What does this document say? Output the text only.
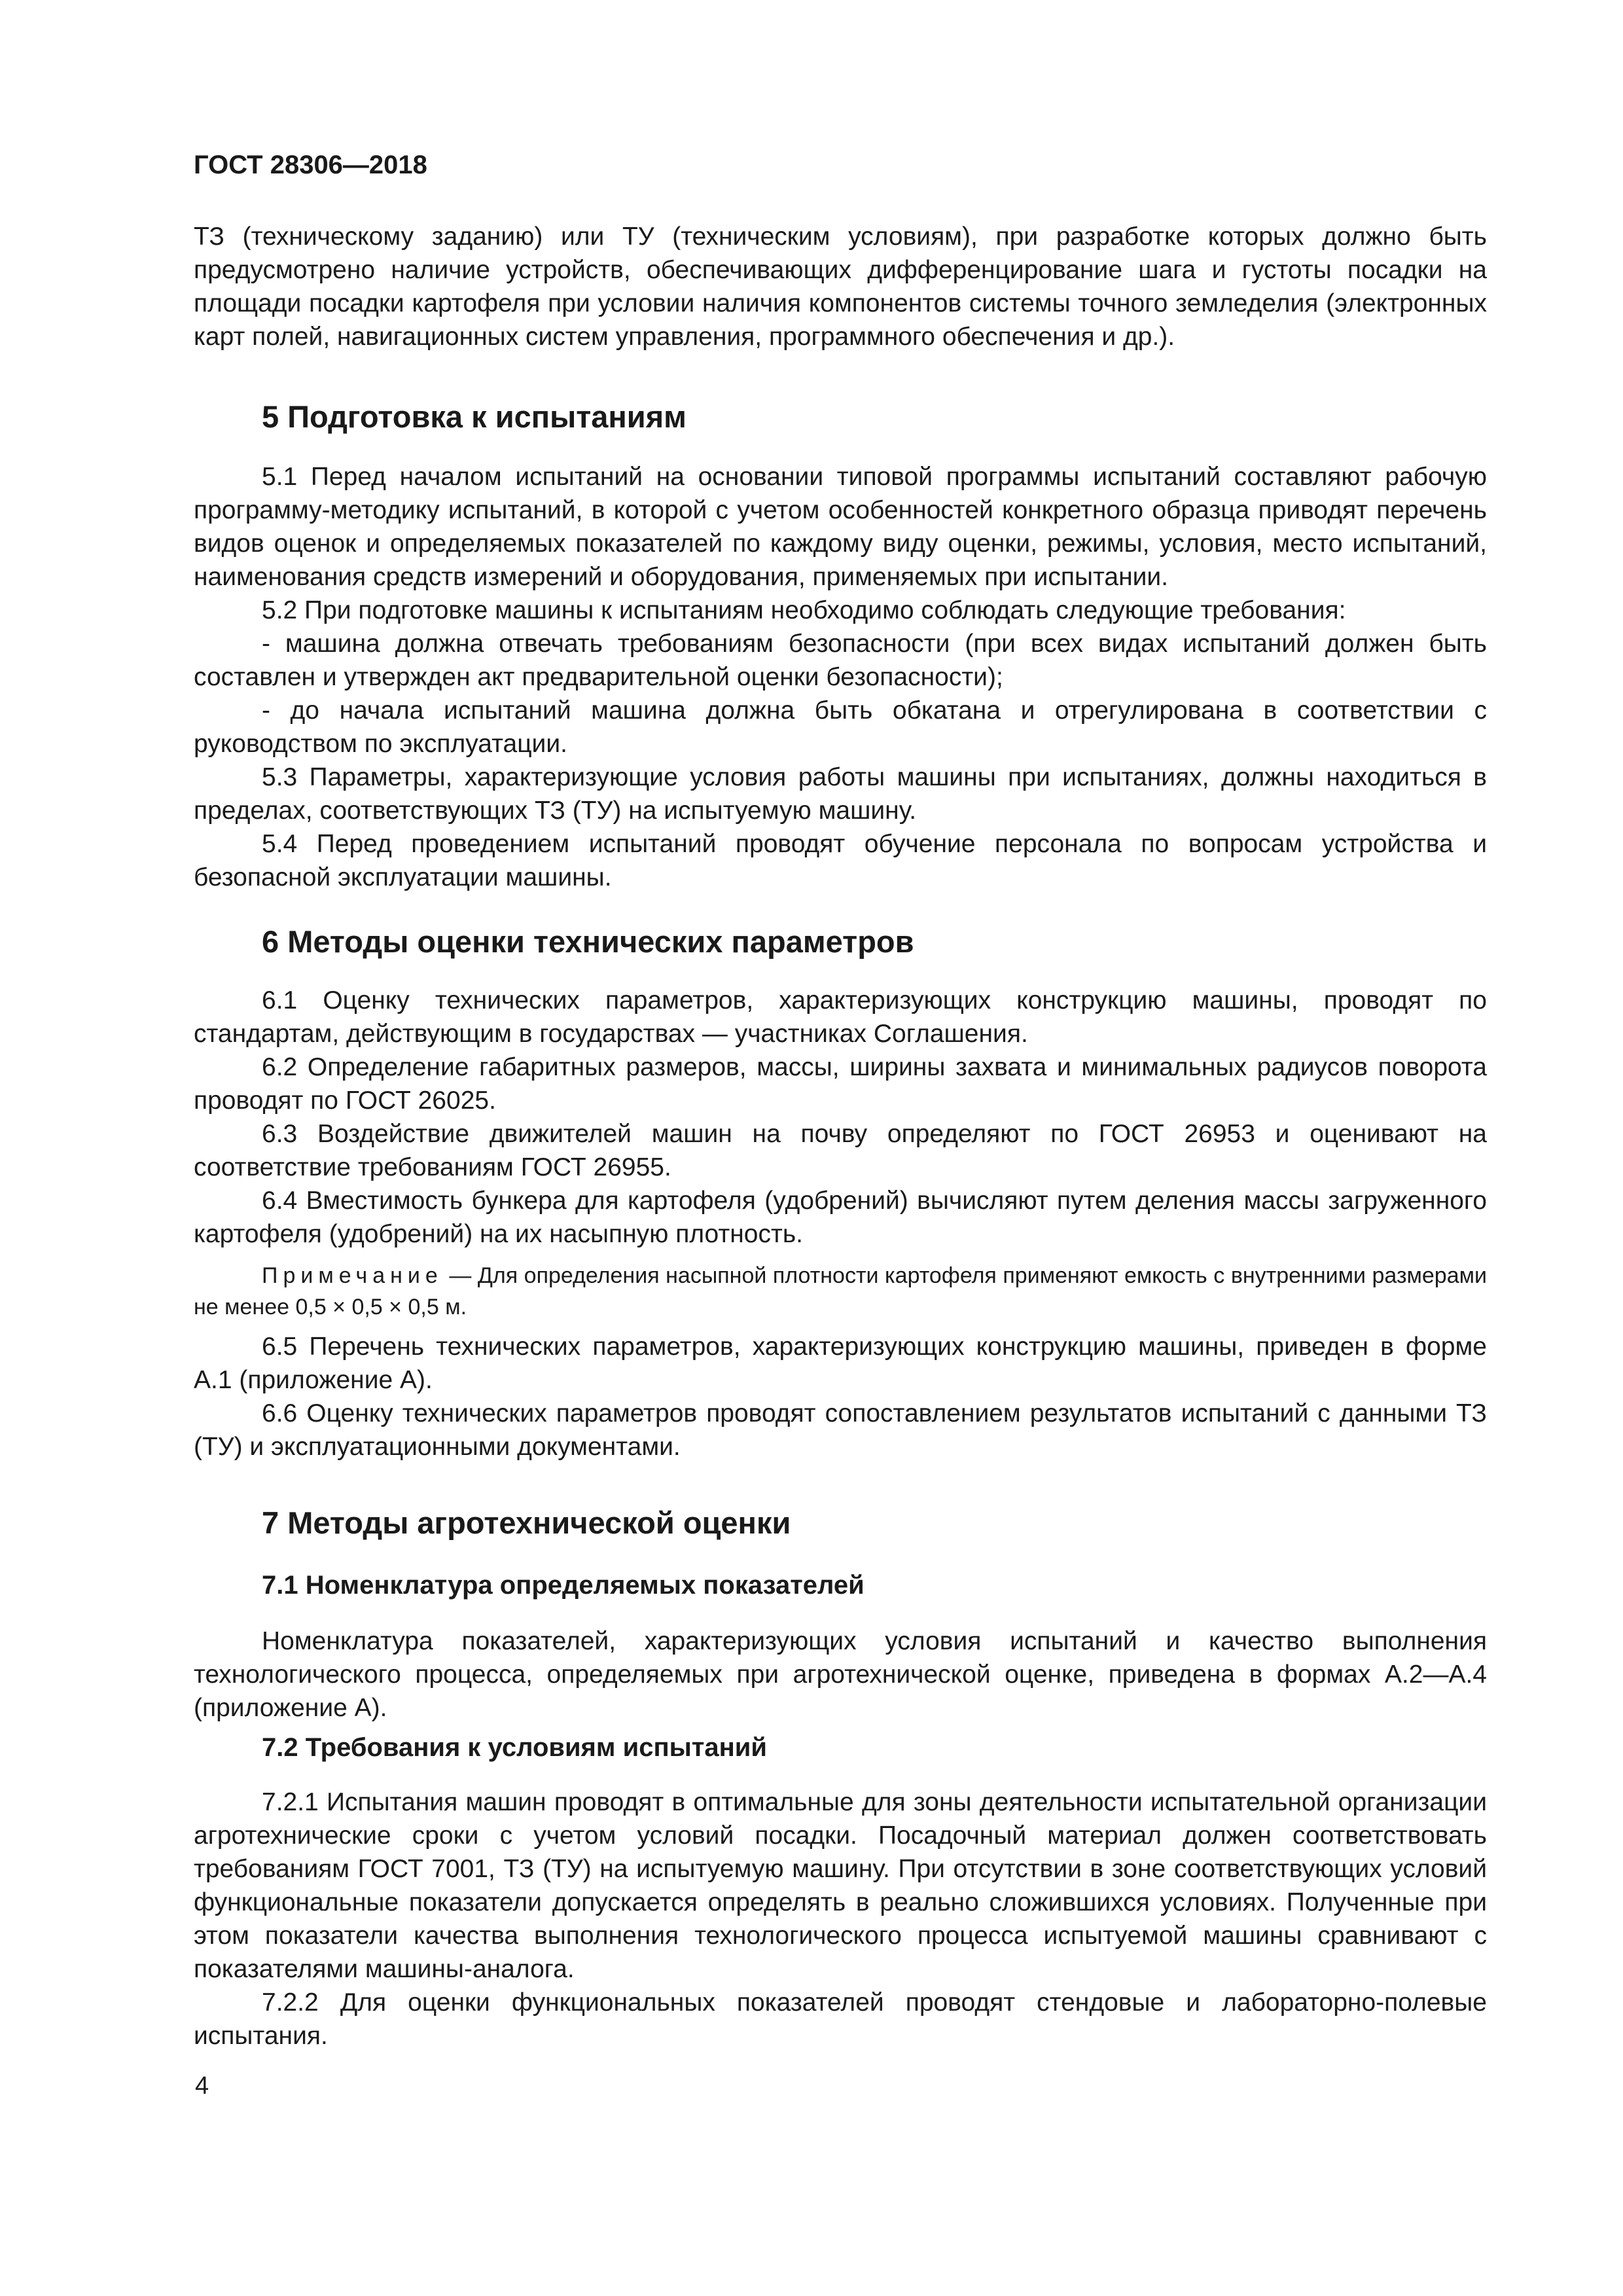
ГОСТ 28306—2018

ТЗ (техническому заданию) или ТУ (техническим условиям), при разработке которых должно быть предусмотрено наличие устройств, обеспечивающих дифференцирование шага и густоты посадки на площади посадки картофеля при условии наличия компонентов системы точного земледелия (электронных карт полей, навигационных систем управления, программного обеспечения и др.).

5 Подготовка к испытаниям

5.1 Перед началом испытаний на основании типовой программы испытаний составляют рабочую программу-методику испытаний, в которой с учетом особенностей конкретного образца приводят перечень видов оценок и определяемых показателей по каждому виду оценки, режимы, условия, место испытаний, наименования средств измерений и оборудования, применяемых при испытании.

5.2 При подготовке машины к испытаниям необходимо соблюдать следующие требования:

- машина должна отвечать требованиям безопасности (при всех видах испытаний должен быть составлен и утвержден акт предварительной оценки безопасности);

- до начала испытаний машина должна быть обкатана и отрегулирована в соответствии с руководством по эксплуатации.

5.3 Параметры, характеризующие условия работы машины при испытаниях, должны находиться в пределах, соответствующих ТЗ (ТУ) на испытуемую машину.

5.4 Перед проведением испытаний проводят обучение персонала по вопросам устройства и безопасной эксплуатации машины.

6 Методы оценки технических параметров

6.1 Оценку технических параметров, характеризующих конструкцию машины, проводят по стандартам, действующим в государствах — участниках Соглашения.

6.2 Определение габаритных размеров, массы, ширины захвата и минимальных радиусов поворота проводят по ГОСТ 26025.

6.3 Воздействие движителей машин на почву определяют по ГОСТ 26953 и оценивают на соответствие требованиям ГОСТ 26955.

6.4 Вместимость бункера для картофеля (удобрений) вычисляют путем деления массы загруженного картофеля (удобрений) на их насыпную плотность.

Примечание — Для определения насыпной плотности картофеля применяют емкость с внутренними размерами не менее 0,5 × 0,5 × 0,5 м.

6.5 Перечень технических параметров, характеризующих конструкцию машины, приведен в форме А.1 (приложение А).

6.6 Оценку технических параметров проводят сопоставлением результатов испытаний с данными ТЗ (ТУ) и эксплуатационными документами.

7 Методы агротехнической оценки
7.1 Номенклатура определяемых показателей

Номенклатура показателей, характеризующих условия испытаний и качество выполнения технологического процесса, определяемых при агротехнической оценке, приведена в формах А.2—А.4 (приложение А).

7.2 Требования к условиям испытаний

7.2.1 Испытания машин проводят в оптимальные для зоны деятельности испытательной организации агротехнические сроки с учетом условий посадки. Посадочный материал должен соответствовать требованиям ГОСТ 7001, ТЗ (ТУ) на испытуемую машину. При отсутствии в зоне соответствующих условий функциональные показатели допускается определять в реально сложившихся условиях. Полученные при этом показатели качества выполнения технологического процесса испытуемой машины сравнивают с показателями машины-аналога.

7.2.2 Для оценки функциональных показателей проводят стендовые и лабораторно-полевые испытания.

4
